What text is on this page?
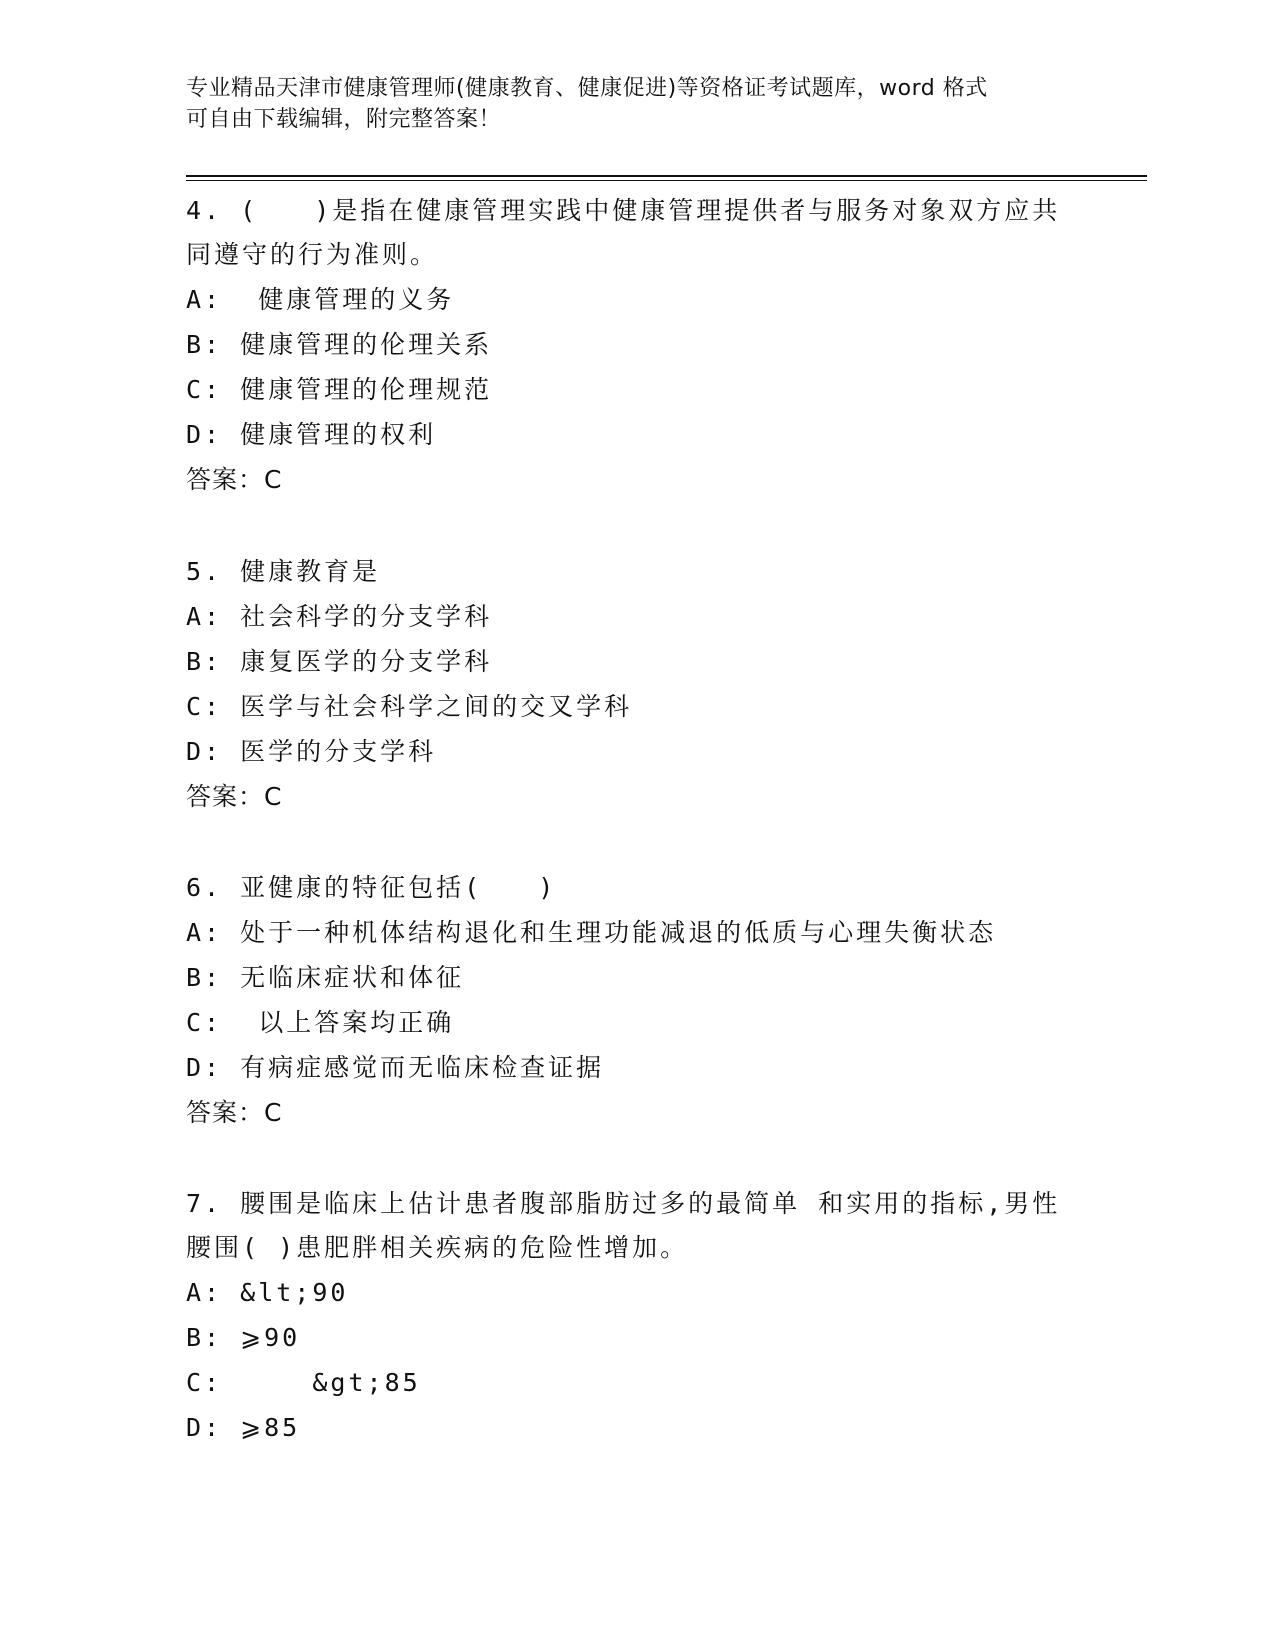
专业精品天津市健康管理师(健康教育、健康促进)等资格证考试题库，word 格式
可自由下载编辑，附完整答案！
4. (　　)是指在健康管理实践中健康管理提供者与服务对象双方应共同遵守的行为准则。
A:  健康管理的义务
B: 健康管理的伦理关系
C: 健康管理的伦理规范
D: 健康管理的权利
答案：C
5. 健康教育是
A: 社会科学的分支学科
B: 康复医学的分支学科
C: 医学与社会科学之间的交叉学科
D: 医学的分支学科
答案：C
6. 亚健康的特征包括(　　)
A: 处于一种机体结构退化和生理功能减退的低质与心理失衡状态
B: 无临床症状和体征
C:  以上答案均正确
D: 有病症感觉而无临床检查证据
答案：C
7. 腰围是临床上估计患者腹部脂肪过多的最简单 和实用的指标,男性腰围( )患肥胖相关疾病的危险性增加。
A: &lt;90
B: ⩾90
C:     &gt;85
D: ⩾85
